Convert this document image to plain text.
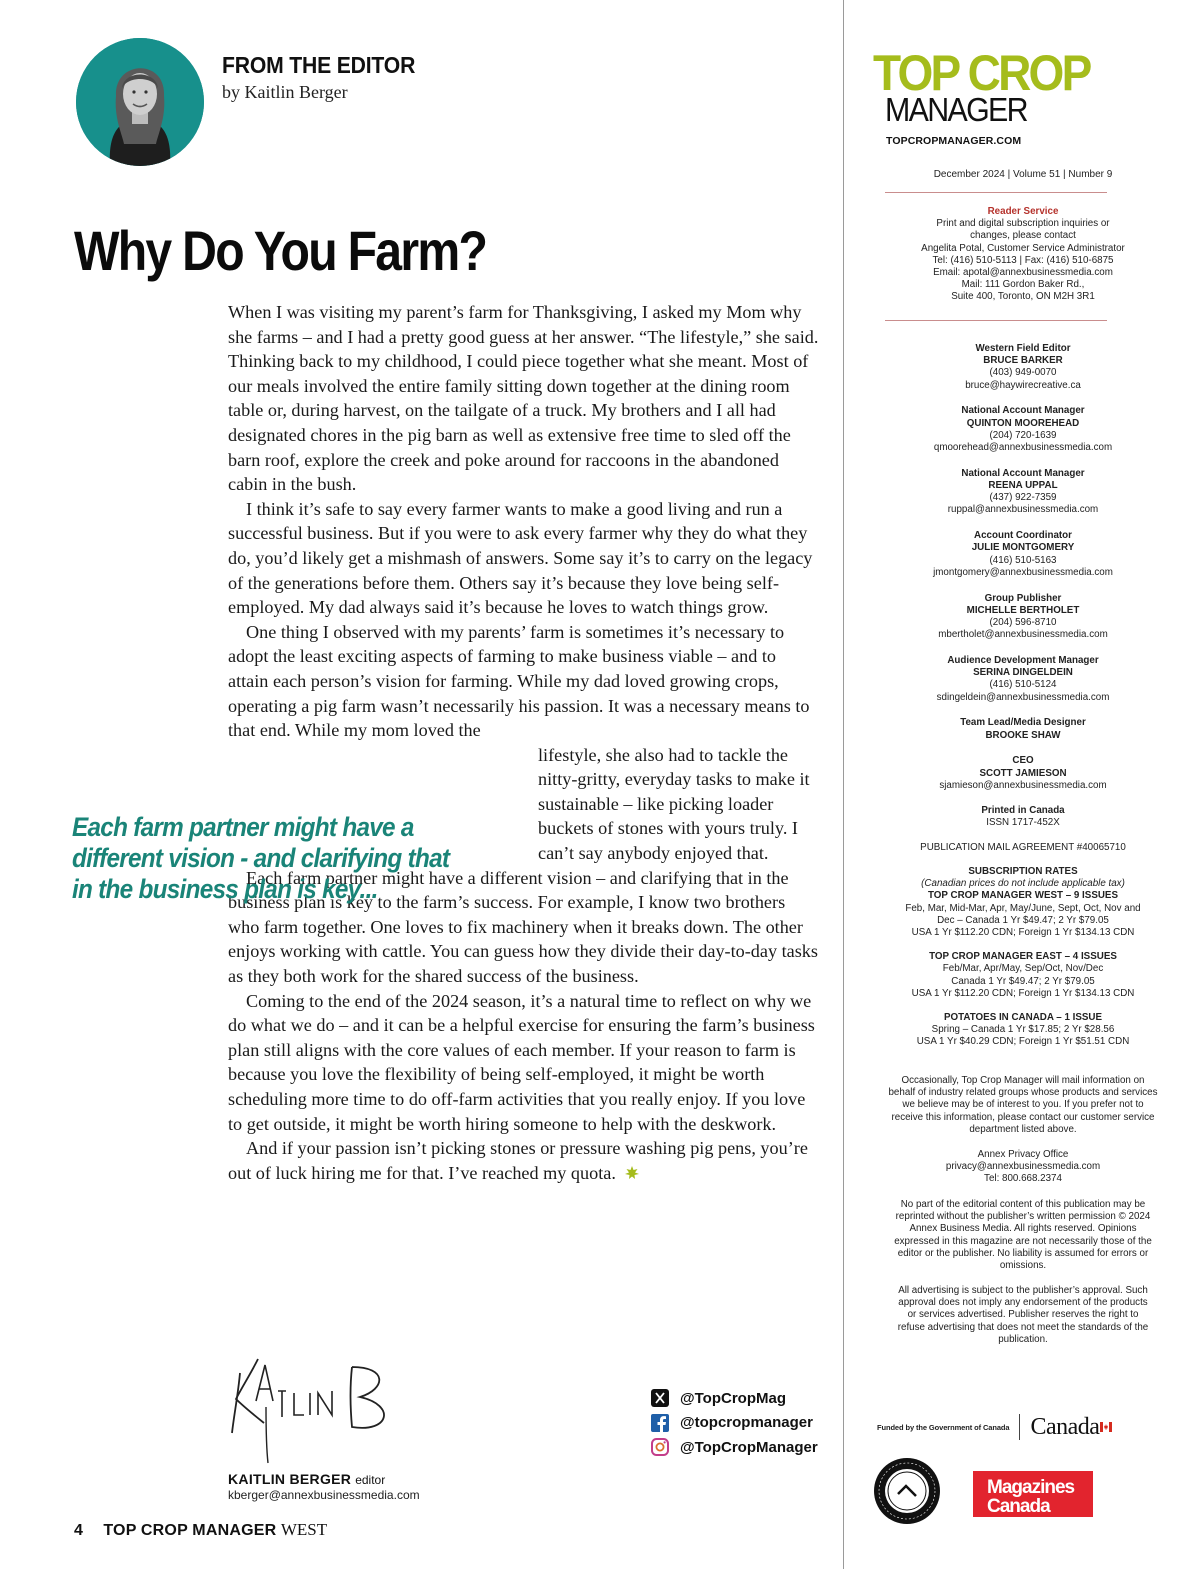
FROM THE EDITOR
by Kaitlin Berger
Why Do You Farm?

When I was visiting my parent’s farm for Thanksgiving, I asked my Mom why she farms – and I had a pretty good guess at her answer. “The lifestyle,” she said. Thinking back to my childhood, I could piece together what she meant. Most of our meals involved the entire family sitting down together at the dining room table or, during harvest, on the tailgate of a truck. My brothers and I all had designated chores in the pig barn as well as extensive free time to sled off the barn roof, explore the creek and poke around for raccoons in the abandoned cabin in the bush.

I think it’s safe to say every farmer wants to make a good living and run a successful business. But if you were to ask every farmer why they do what they do, you’d likely get a mishmash of answers. Some say it’s to carry on the legacy of the generations before them. Others say it’s because they love being self-employed. My dad always said it’s because he loves to watch things grow.

One thing I observed with my parents’ farm is sometimes it’s necessary to adopt the least exciting aspects of farming to make business viable – and to attain each person’s vision for farming. While my dad loved growing crops, operating a pig farm wasn’t necessarily his passion. It was a necessary means to that end. While my mom loved the

lifestyle, she also had to tackle the nitty-gritty, everyday tasks to make it sustainable – like picking loader buckets of stones with yours truly. I can’t say anybody enjoyed that.

Each farm partner might have a different vision – and clarifying that in the business plan is key to the farm’s success. For example, I know two brothers who farm together. One loves to fix machinery when it breaks down. The other enjoys working with cattle. You can guess how they divide their day-to-day tasks as they both work for the shared success of the business.

Coming to the end of the 2024 season, it’s a natural time to reflect on why we do what we do – and it can be a helpful exercise for ensuring the farm’s business plan still aligns with the core values of each member. If your reason to farm is because you love the flexibility of being self-employed, it might be worth scheduling more time to do off-farm activities that you really enjoy. If you love to get outside, it might be worth hiring someone to help with the deskwork.

And if your passion isn’t picking stones or pressure washing pig pens, you’re out of luck hiring me for that. I’ve reached my quota.

Each farm partner might have a different vision - and clarifying that in the business plan is key...
KAITLIN BERGER editor
kberger@annexbusinessmedia.com
@TopCropMag
@topcropmanager
@TopCropManager
4 TOP CROP MANAGER WEST
TOP CROP
MANAGER
TOPCROPMANAGER.COM
December 2024 | Volume 51 | Number 9
Reader Service
Print and digital subscription inquiries or
changes, please contact
Angelita Potal, Customer Service Administrator
Tel: (416) 510-5113 | Fax: (416) 510-6875
Email: apotal@annexbusinessmedia.com
Mail: 111 Gordon Baker Rd.,
Suite 400, Toronto, ON M2H 3R1
Western Field Editor
BRUCE BARKER
(403) 949-0070
bruce@haywirecreative.ca
National Account Manager
QUINTON MOOREHEAD
(204) 720-1639
qmoorehead@annexbusinessmedia.com
National Account Manager
REENA UPPAL
(437) 922-7359
ruppal@annexbusinessmedia.com
Account Coordinator
JULIE MONTGOMERY
(416) 510-5163
jmontgomery@annexbusinessmedia.com
Group Publisher
MICHELLE BERTHOLET
(204) 596-8710
mbertholet@annexbusinessmedia.com
Audience Development Manager
SERINA DINGELDEIN
(416) 510-5124
sdingeldein@annexbusinessmedia.com
Team Lead/Media Designer
BROOKE SHAW
CEO
SCOTT JAMIESON
sjamieson@annexbusinessmedia.com
Printed in Canada
ISSN 1717-452X
PUBLICATION MAIL AGREEMENT #40065710
SUBSCRIPTION RATES
(Canadian prices do not include applicable tax)
TOP CROP MANAGER WEST – 9 ISSUES
Feb, Mar, Mid-Mar, Apr, May/June, Sept, Oct, Nov and
Dec – Canada 1 Yr $49.47; 2 Yr $79.05
USA 1 Yr $112.20 CDN; Foreign 1 Yr $134.13 CDN
TOP CROP MANAGER EAST – 4 ISSUES
Feb/Mar, Apr/May, Sep/Oct, Nov/Dec
Canada 1 Yr $49.47; 2 Yr $79.05
USA 1 Yr $112.20 CDN; Foreign 1 Yr $134.13 CDN
POTATOES IN CANADA – 1 ISSUE
Spring – Canada 1 Yr $17.85; 2 Yr $28.56
USA 1 Yr $40.29 CDN; Foreign 1 Yr $51.51 CDN
Occasionally, Top Crop Manager will mail information on behalf of industry related groups whose products and services we believe may be of interest to you. If you prefer not to receive this information, please contact our customer service department listed above.
Annex Privacy Office
privacy@annexbusinessmedia.com
Tel: 800.668.2374
No part of the editorial content of this publication may be reprinted without the publisher’s written permission © 2024 Annex Business Media. All rights reserved. Opinions expressed in this magazine are not necessarily those of the editor or the publisher. No liability is assumed for errors or omissions.
All advertising is subject to the publisher’s approval. Such approval does not imply any endorsement of the products or services advertised. Publisher reserves the right to refuse advertising that does not meet the standards of the publication.
Funded by the Government of Canada Canada
Magazines
Canada
